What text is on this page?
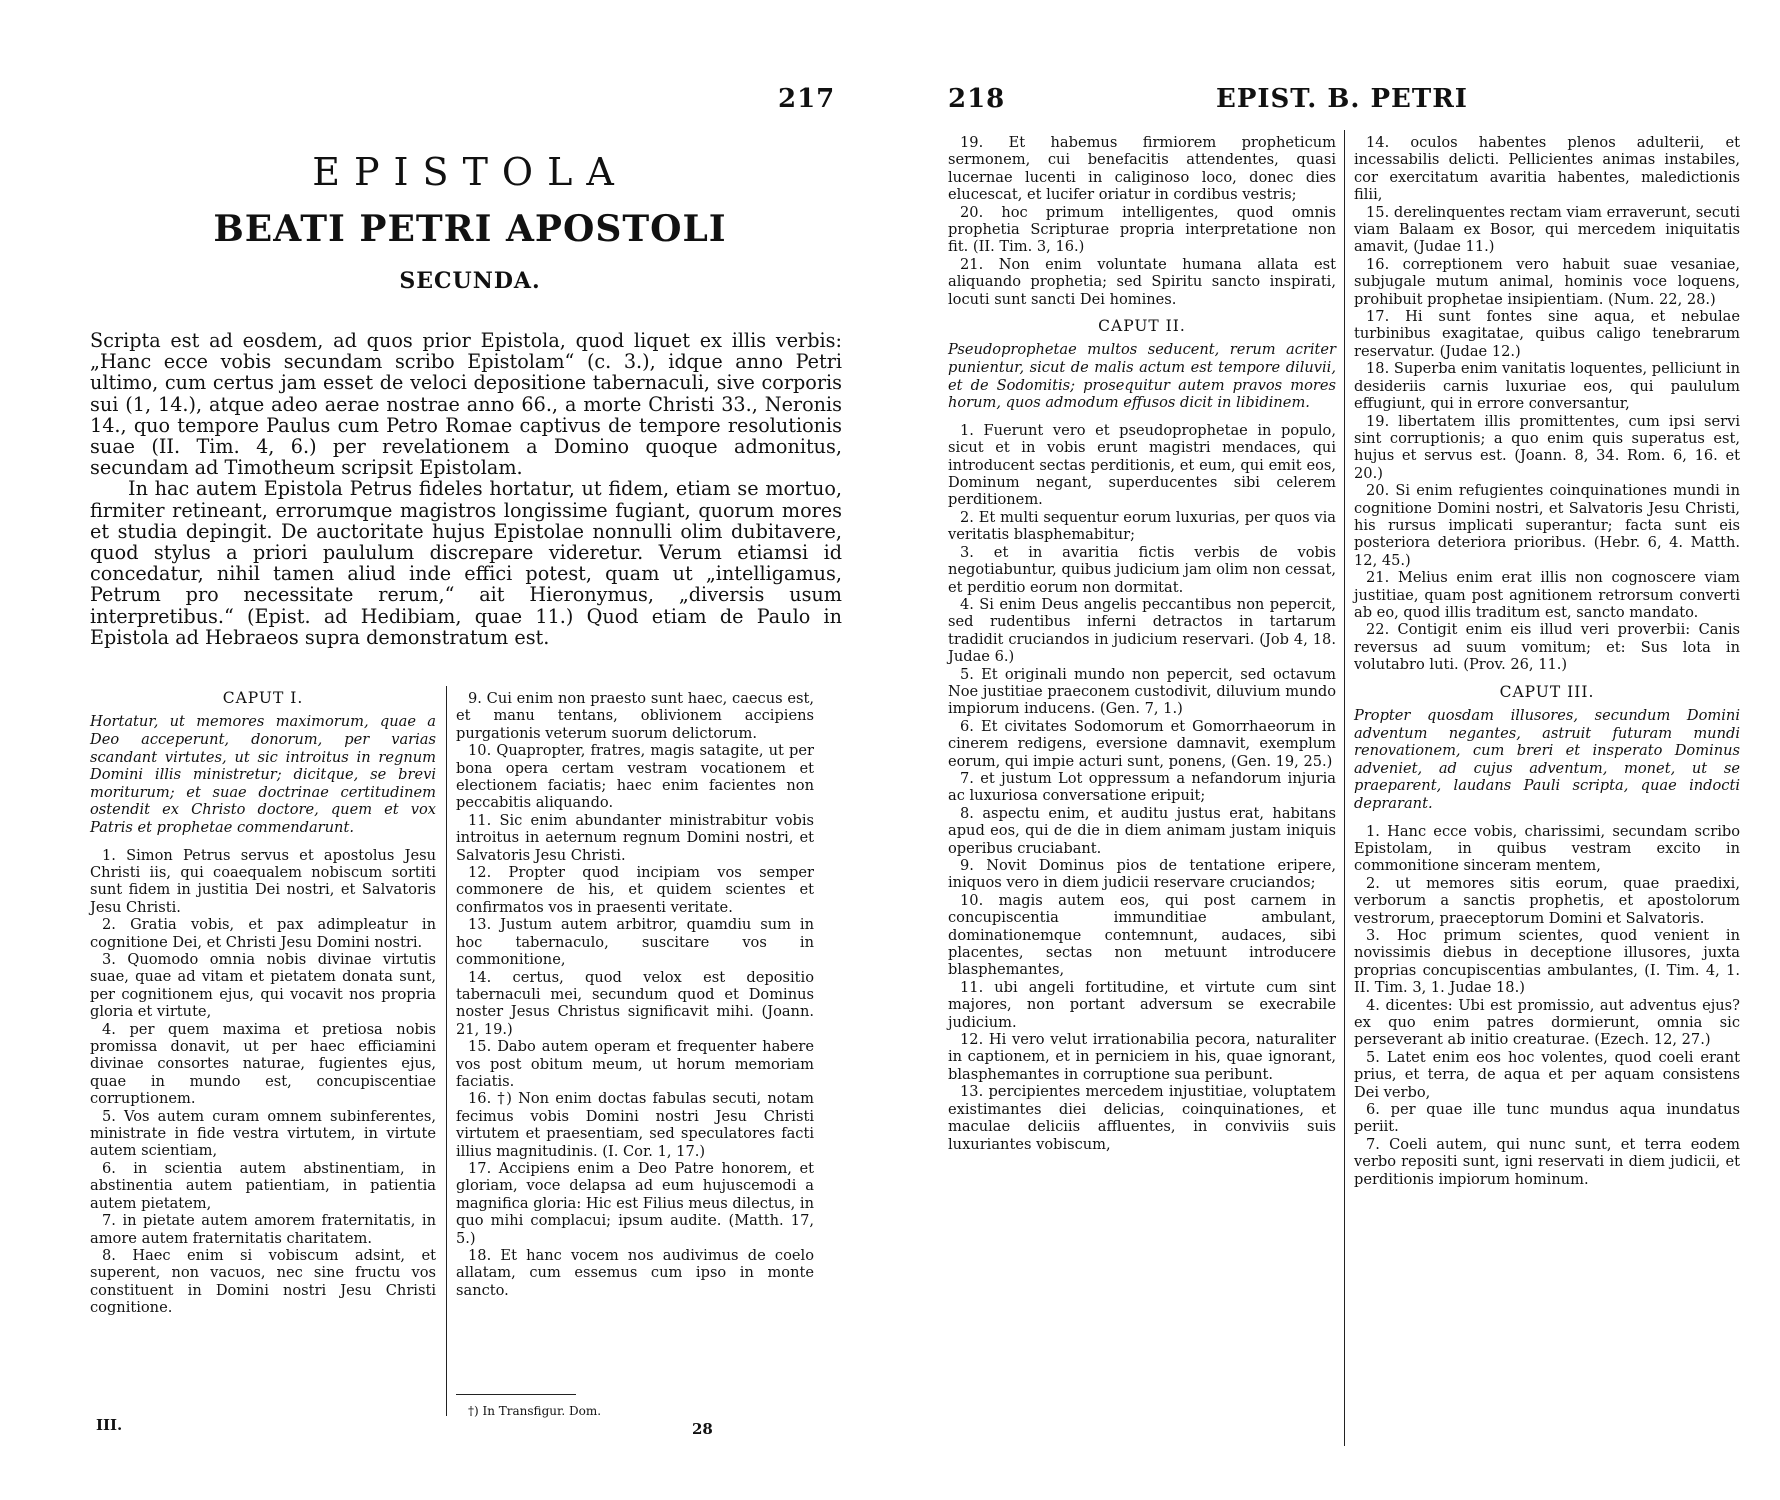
217
EPISTOLA
BEATI PETRI APOSTOLI
SECUNDA.

Scripta est ad eosdem, ad quos prior Epistola, quod liquet ex illis verbis: „Hanc ecce vobis secundam scribo Epistolam“ (c. 3.), idque anno Petri ultimo, cum certus jam esset de veloci depositione tabernaculi, sive corporis sui (1, 14.), atque adeo aerae nostrae anno 66., a morte Christi 33., Neronis 14., quo tempore Paulus cum Petro Romae captivus de tempore resolutionis suae (II. Tim. 4, 6.) per revelationem a Domino quoque admonitus, secundam ad Timotheum scripsit Epistolam.

In hac autem Epistola Petrus fideles hortatur, ut fidem, etiam se mortuo, firmiter retineant, errorumque magistros longissime fugiant, quorum mores et studia depingit. De auctoritate hujus Epistolae nonnulli olim dubitavere, quod stylus a priori paululum discrepare videretur. Verum etiamsi id concedatur, nihil tamen aliud inde effici potest, quam ut „intelligamus, Petrum pro necessitate rerum,“ ait Hieronymus, „diversis usum interpretibus.“ (Epist. ad Hedibiam, quae 11.) Quod etiam de Paulo in Epistola ad Hebraeos supra demonstratum est.

CAPUT I.

Hortatur, ut memores maximorum, quae a Deo acceperunt, donorum, per varias scandant virtutes, ut sic introitus in regnum Domini illis ministretur; dicitque, se brevi moriturum; et suae doctrinae certitudinem ostendit ex Christo doctore, quem et vox Patris et prophetae commendarunt.

1. Simon Petrus servus et apostolus Jesu Christi iis, qui coaequalem nobiscum sortiti sunt fidem in justitia Dei nostri, et Salvatoris Jesu Christi.

2. Gratia vobis, et pax adimpleatur in cognitione Dei, et Christi Jesu Domini nostri.

3. Quomodo omnia nobis divinae virtutis suae, quae ad vitam et pietatem donata sunt, per cognitionem ejus, qui vocavit nos propria gloria et virtute,

4. per quem maxima et pretiosa nobis promissa donavit, ut per haec efficiamini divinae consortes naturae, fugientes ejus, quae in mundo est, concupiscentiae corruptionem.

5. Vos autem curam omnem subinferentes, ministrate in fide vestra virtutem, in virtute autem scientiam,

6. in scientia autem abstinentiam, in abstinentia autem patientiam, in patientia autem pietatem,

7. in pietate autem amorem fraternitatis, in amore autem fraternitatis charitatem.

8. Haec enim si vobiscum adsint, et superent, non vacuos, nec sine fructu vos constituent in Domini nostri Jesu Christi cognitione.

III.

9. Cui enim non praesto sunt haec, caecus est, et manu tentans, oblivionem accipiens purgationis veterum suorum delictorum.

10. Quapropter, fratres, magis satagite, ut per bona opera certam vestram vocationem et electionem faciatis; haec enim facientes non peccabitis aliquando.

11. Sic enim abundanter ministrabitur vobis introitus in aeternum regnum Domini nostri, et Salvatoris Jesu Christi.

12. Propter quod incipiam vos semper commonere de his, et quidem scientes et confirmatos vos in praesenti veritate.

13. Justum autem arbitror, quamdiu sum in hoc tabernaculo, suscitare vos in commonitione,

14. certus, quod velox est depositio tabernaculi mei, secundum quod et Dominus noster Jesus Christus significavit mihi. (Joann. 21, 19.)

15. Dabo autem operam et frequenter habere vos post obitum meum, ut horum memoriam faciatis.

16. †) Non enim doctas fabulas secuti, notam fecimus vobis Domini nostri Jesu Christi virtutem et praesentiam, sed speculatores facti illius magnitudinis. (I. Cor. 1, 17.)

17. Accipiens enim a Deo Patre honorem, et gloriam, voce delapsa ad eum hujuscemodi a magnifica gloria: Hic est Filius meus dilectus, in quo mihi complacui; ipsum audite. (Matth. 17, 5.)

18. Et hanc vocem nos audivimus de coelo allatam, cum essemus cum ipso in monte sancto.

†) In Transfigur. Dom.
28
218	EPIST. B. PETRI

19. Et habemus firmiorem propheticum sermonem, cui benefacitis attendentes, quasi lucernae lucenti in caliginoso loco, donec dies elucescat, et lucifer oriatur in cordibus vestris;

20. hoc primum intelligentes, quod omnis prophetia Scripturae propria interpretatione non fit. (II. Tim. 3, 16.)

21. Non enim voluntate humana allata est aliquando prophetia; sed Spiritu sancto inspirati, locuti sunt sancti Dei homines.

CAPUT II.

Pseudoprophetae multos seducent, rerum acriter punientur, sicut de malis actum est tempore diluvii, et de Sodomitis; prosequitur autem pravos mores horum, quos admodum effusos dicit in libidinem.

1. Fuerunt vero et pseudoprophetae in populo, sicut et in vobis erunt magistri mendaces, qui introducent sectas perditionis, et eum, qui emit eos, Dominum negant, superducentes sibi celerem perditionem.

2. Et multi sequentur eorum luxurias, per quos via veritatis blasphemabitur;

3. et in avaritia fictis verbis de vobis negotiabuntur, quibus judicium jam olim non cessat, et perditio eorum non dormitat.

4. Si enim Deus angelis peccantibus non pepercit, sed rudentibus inferni detractos in tartarum tradidit cruciandos in judicium reservari. (Job 4, 18. Judae 6.)

5. Et originali mundo non pepercit, sed octavum Noe justitiae praeconem custodivit, diluvium mundo impiorum inducens. (Gen. 7, 1.)

6. Et civitates Sodomorum et Gomorrhaeorum in cinerem redigens, eversione damnavit, exemplum eorum, qui impie acturi sunt, ponens, (Gen. 19, 25.)

7. et justum Lot oppressum a nefandorum injuria ac luxuriosa conversatione eripuit;

8. aspectu enim, et auditu justus erat, habitans apud eos, qui de die in diem animam justam iniquis operibus cruciabant.

9. Novit Dominus pios de tentatione eripere, iniquos vero in diem judicii reservare cruciandos;

10. magis autem eos, qui post carnem in concupiscentia immunditiae ambulant, dominationemque contemnunt, audaces, sibi placentes, sectas non metuunt introducere blasphemantes,

11. ubi angeli fortitudine, et virtute cum sint majores, non portant adversum se execrabile judicium.

12. Hi vero velut irrationabilia pecora, naturaliter in captionem, et in perniciem in his, quae ignorant, blasphemantes in corruptione sua peribunt.

13. percipientes mercedem injustitiae, voluptatem existimantes diei delicias, coinquinationes, et maculae deliciis affluentes, in conviviis suis luxuriantes vobiscum,

14. oculos habentes plenos adulterii, et incessabilis delicti. Pellicientes animas instabiles, cor exercitatum avaritia habentes, maledictionis filii,

15. derelinquentes rectam viam erraverunt, secuti viam Balaam ex Bosor, qui mercedem iniquitatis amavit, (Judae 11.)

16. correptionem vero habuit suae vesaniae, subjugale mutum animal, hominis voce loquens, prohibuit prophetae insipientiam. (Num. 22, 28.)

17. Hi sunt fontes sine aqua, et nebulae turbinibus exagitatae, quibus caligo tenebrarum reservatur. (Judae 12.)

18. Superba enim vanitatis loquentes, pelliciunt in desideriis carnis luxuriae eos, qui paululum effugiunt, qui in errore conversantur,

19. libertatem illis promittentes, cum ipsi servi sint corruptionis; a quo enim quis superatus est, hujus et servus est. (Joann. 8, 34. Rom. 6, 16. et 20.)

20. Si enim refugientes coinquinationes mundi in cognitione Domini nostri, et Salvatoris Jesu Christi, his rursus implicati superantur; facta sunt eis posteriora deteriora prioribus. (Hebr. 6, 4. Matth. 12, 45.)

21. Melius enim erat illis non cognoscere viam justitiae, quam post agnitionem retrorsum converti ab eo, quod illis traditum est, sancto mandato.

22. Contigit enim eis illud veri proverbii: Canis reversus ad suum vomitum; et: Sus lota in volutabro luti. (Prov. 26, 11.)

CAPUT III.

Propter quosdam illusores, secundum Domini adventum negantes, astruit futuram mundi renovationem, cum breri et insperato Dominus adveniet, ad cujus adventum, monet, ut se praeparent, laudans Pauli scripta, quae indocti deprarant.

1. Hanc ecce vobis, charissimi, secundam scribo Epistolam, in quibus vestram excito in commonitione sinceram mentem,

2. ut memores sitis eorum, quae praedixi, verborum a sanctis prophetis, et apostolorum vestrorum, praeceptorum Domini et Salvatoris.

3. Hoc primum scientes, quod venient in novissimis diebus in deceptione illusores, juxta proprias concupiscentias ambulantes, (I. Tim. 4, 1. II. Tim. 3, 1. Judae 18.)

4. dicentes: Ubi est promissio, aut adventus ejus? ex quo enim patres dormierunt, omnia sic perseverant ab initio creaturae. (Ezech. 12, 27.)

5. Latet enim eos hoc volentes, quod coeli erant prius, et terra, de aqua et per aquam consistens Dei verbo,

6. per quae ille tunc mundus aqua inundatus periit.

7. Coeli autem, qui nunc sunt, et terra eodem verbo repositi sunt, igni reservati in diem judicii, et perditionis impiorum hominum.
